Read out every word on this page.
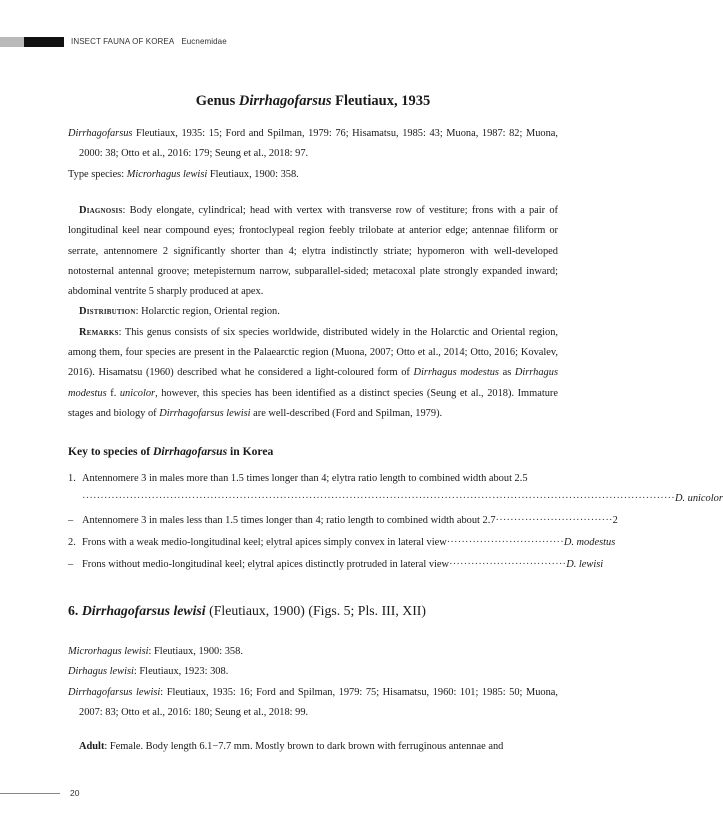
INSECT FAUNA OF KOREA Eucnemidae
Genus Dirrhagofarsus Fleutiaux, 1935

Dirrhagofarsus Fleutiaux, 1935: 15; Ford and Spilman, 1979: 76; Hisamatsu, 1985: 43; Muona, 1987: 82; Muona, 2000: 38; Otto et al., 2016: 179; Seung et al., 2018: 97.

Type species: Microrhagus lewisi Fleutiaux, 1900: 358.

Diagnosis: Body elongate, cylindrical; head with vertex with transverse row of vestiture; frons with a pair of longitudinal keel near compound eyes; frontoclypeal region feebly trilobate at anterior edge; antennae filiform or serrate, antennomere 2 significantly shorter than 4; elytra indistinctly striate; hypomeron with well-developed notosternal antennal groove; metepisternum narrow, subparallel-sided; metacoxal plate strongly expanded inward; abdominal ventrite 5 sharply produced at apex.

Distribution: Holarctic region, Oriental region.

Remarks: This genus consists of six species worldwide, distributed widely in the Holarctic and Oriental region, among them, four species are present in the Palaearctic region (Muona, 2007; Otto et al., 2014; Otto, 2016; Kovalev, 2016). Hisamatsu (1960) described what he considered a light-coloured form of Dirrhagus modestus as Dirrhagus modestus f. unicolor, however, this species has been identified as a distinct species (Seung et al., 2018). Immature stages and biology of Dirrhagofarsus lewisi are well-described (Ford and Spilman, 1979).

Key to species of Dirrhagofarsus in Korea
1. Antennomere 3 in males more than 1.5 times longer than 4; elytra ratio length to combined width about 2.5
·································································································································································· D. unicolor
– Antennomere 3 in males less than 1.5 times longer than 4; ratio length to combined width about 2.7 ································ 2
2. Frons with a weak medio-longitudinal keel; elytral apices simply convex in lateral view ································ D. modestus
– Frons without medio-longitudinal keel; elytral apices distinctly protruded in lateral view ································ D. lewisi
6. Dirrhagofarsus lewisi (Fleutiaux, 1900) (Figs. 5; Pls. III, XII)

Microrhagus lewisi: Fleutiaux, 1900: 358.

Dirhagus lewisi: Fleutiaux, 1923: 308.

Dirrhagofarsus lewisi: Fleutiaux, 1935: 16; Ford and Spilman, 1979: 75; Hisamatsu, 1960: 101; 1985: 50; Muona, 2007: 83; Otto et al., 2016: 180; Seung et al., 2018: 99.

Adult: Female. Body length 6.1−7.7 mm. Mostly brown to dark brown with ferruginous antennae and

20
